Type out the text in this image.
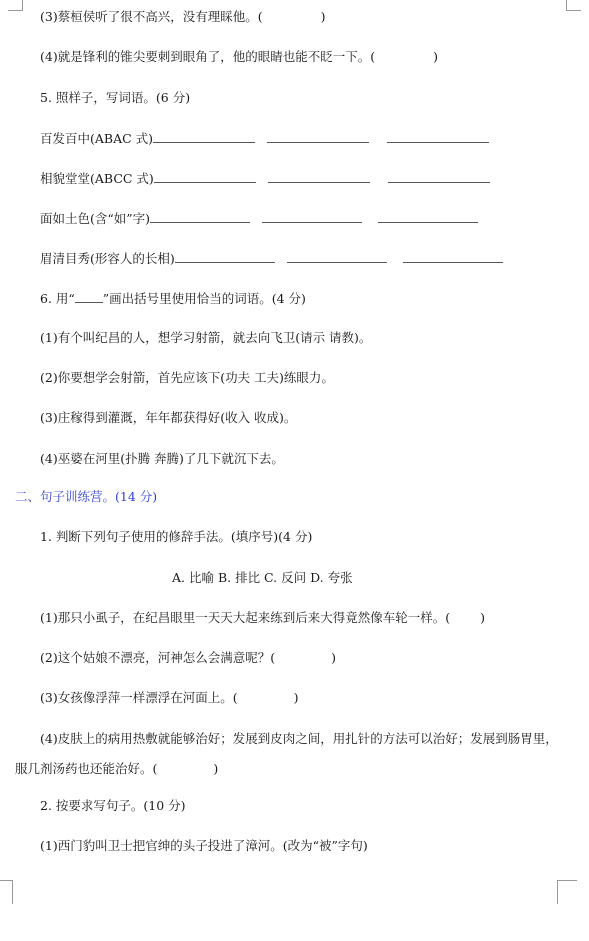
(3)蔡桓侯听了很不高兴，没有理睬他。(	)
(4)就是锋利的锥尖要刺到眼角了，他的眼睛也能不眨一下。(	)
5. 照样子，写词语。(6 分)
百发百中(ABAC 式)
相貌堂堂(ABCC 式)
面如土色(含“如”字)
眉清目秀(形容人的长相)
6. 用“ ”画出括号里使用恰当的词语。(4 分)
(1)有个叫纪昌的人，想学习射箭，就去向飞卫(请示 请教)。
(2)你要想学会射箭，首先应该下(功夫 工夫)练眼力。
(3)庄稼得到灌溉，年年都获得好(收入 收成)。
(4)巫婆在河里(扑腾 奔腾)了几下就沉下去。
二、句子训练营。(14 分)
1. 判断下列句子使用的修辞手法。(填序号)(4 分)
A. 比喻 B. 排比 C. 反问 D. 夸张
(1)那只小虱子，在纪昌眼里一天天大起来练到后来大得竟然像车轮一样。( )
(2)这个姑娘不漂亮，河神怎么会满意呢？(	)
(3)女孩像浮萍一样漂浮在河面上。(	)
(4)皮肤上的病用热敷就能够治好；发展到皮肉之间，用扎针的方法可以治好；发展到肠胃里，服几剂汤药也还能治好。(	)
2. 按要求写句子。(10 分)
(1)西门豹叫卫士把官绅的头子投进了漳河。(改为“被”字句)
